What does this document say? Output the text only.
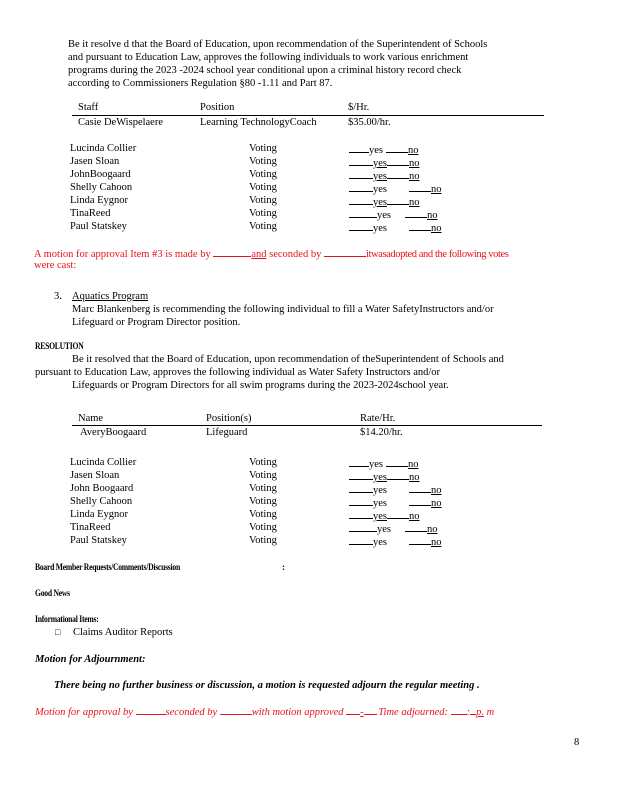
Be it resolve d that the Board of Education, upon recommendation of the Superintendent of Schools
and pursuant to Education Law, approves the following individuals to work various enrichment
programs during the 2023 -2024 school year conditional upon a criminal history record check
according to Commissioners Regulation §80 -1.11 and Part 87.
Staff	Position	$/Hr.
Casie DeWispelaere	Learning TechnologyCoach	$35.00/hr.
Lucinda Collier	Voting	yes no
Jasen Sloan	Voting	yes no
JohnBoogaard	Voting	yes no
Shelly Cahoon	Voting	yes	no
Linda Eygnor	Voting	yes no
TinaReed	Voting	yes	no
Paul Statskey	Voting	yes	no
A motion for approval Item #3 is made by	and seconded by	itwasadopted and the following votes
were cast:
3. Aquatics Program
Marc Blankenberg is recommending the following individual to fill a Water SafetyInstructors and/or
Lifeguard or Program Director position.
RESOLUTION
Be it resolved that the Board of Education, upon recommendation of theSuperintendent of Schools and
pursuant to Education Law, approves the following individual as Water Safety Instructors and/or
Lifeguards or Program Directors for all swim programs during the 2023-2024school year.
Name	Position(s)	Rate/Hr.
AveryBoogaard	Lifeguard	$14.20/hr.
Lucinda Collier	Voting	yes no
Jasen Sloan	Voting	yes no
John Boogaard	Voting	yes	no
Shelly Cahoon	Voting	yes	no
Linda Eygnor	Voting	yes no
TinaReed	Voting	yes	no
Paul Statskey	Voting	yes	no
Board Member Requests/Comments/Discussion	:
Good News
Informational Items:
□ Claims Auditor Reports
Motion for Adjournment:
There being no further business or discussion, a motion is requested adjourn the regular meeting .
Motion for approval by	seconded by	with motion approved - .Time adjourned: : p. m
8
